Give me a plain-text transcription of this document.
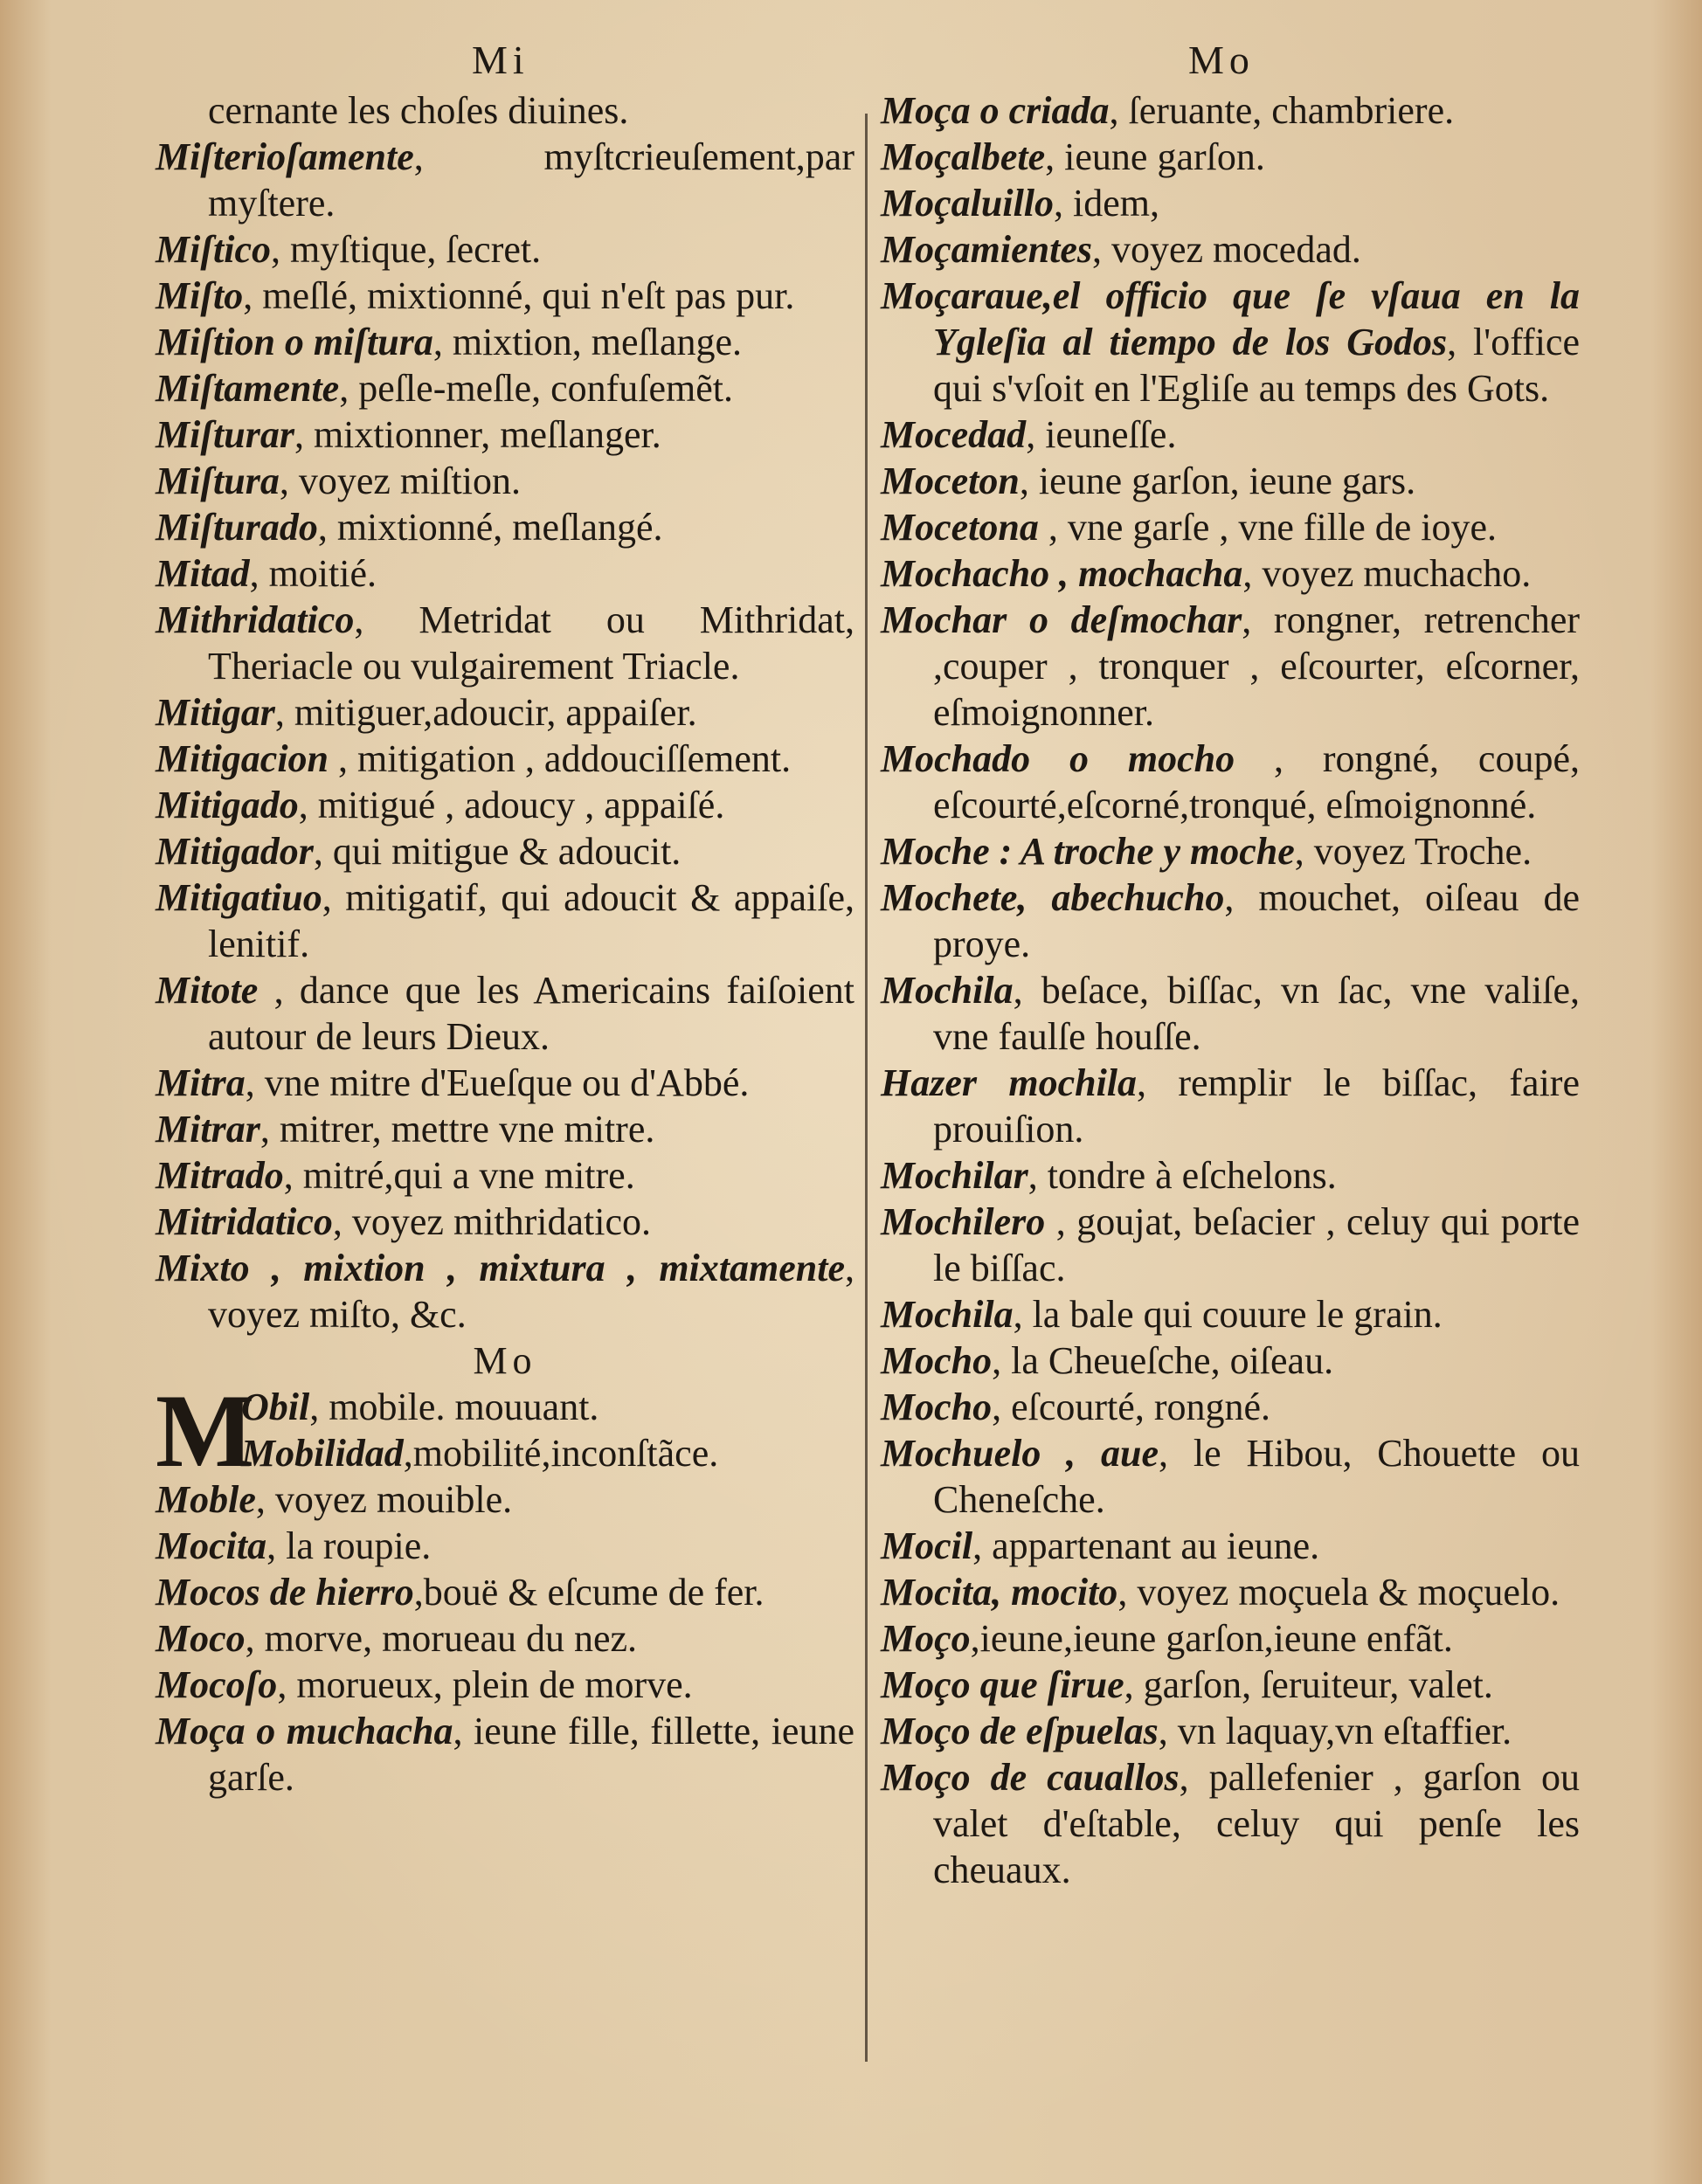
Mi	Mo
cernante les choſes diuines.
Miſterioſamente, myſtcrieuſement,par myſtere.
Miſtico, myſtique, ſecret.
Miſto, meſlé, mixtionné, qui n'eſt pas pur.
Miſtion o miſtura, mixtion, meſlange.
Miſtamente, peſle-meſle, confuſemẽt.
Miſturar, mixtionner, meſlanger.
Miſtura, voyez miſtion.
Miſturado, mixtionné, meſlangé.
Mitad, moitié.
Mithridatico, Metridat ou Mithridat, Theriacle ou vulgairement Triacle.
Mitigar, mitiguer,adoucir, appaiſer.
Mitigacion , mitigation , addouciſſement.
Mitigado, mitigué , adoucy , appaiſé.
Mitigador, qui mitigue & adoucit.
Mitigatiuo, mitigatif, qui adoucit & appaiſe, lenitif.
Mitote , dance que les Americains faiſoient autour de leurs Dieux.
Mitra, vne mitre d'Eueſque ou d'Abbé.
Mitrar, mitrer, mettre vne mitre.
Mitrado, mitré,qui a vne mitre.
Mitridatico, voyez mithridatico.
Mixto , mixtion , mixtura , mixtamente, voyez miſto, &c.
Mo
M
Obil, mobile. mouuant.
Mobilidad,mobilité,inconſtãce.
Moble, voyez mouible.
Mocita, la roupie.
Mocos de hierro,bouë & eſcume de fer.
Moco, morve, morueau du nez.
Mocoſo, morueux, plein de morve.
Moça o muchacha, ieune fille, fillette, ieune garſe.
Moça o criada, ſeruante, chambriere.
Moçalbete, ieune garſon.
Moçaluillo, idem,
Moçamientes, voyez mocedad.
Moçaraue,el officio que ſe vſaua en la Ygleſia al tiempo de los Godos, l'office qui s'vſoit en l'Egliſe au temps des Gots.
Mocedad, ieuneſſe.
Moceton, ieune garſon, ieune gars.
Mocetona , vne garſe , vne fille de ioye.
Mochacho , mochacha, voyez muchacho.
Mochar o deſmochar, rongner, retrencher ,couper , tronquer , eſcourter, eſcorner, eſmoignonner.
Mochado o mocho , rongné, coupé, eſcourté,eſcorné,tronqué, eſmoignonné.
Moche : A troche y moche, voyez Troche.
Mochete, abechucho, mouchet, oiſeau de proye.
Mochila, beſace, biſſac, vn ſac, vne valiſe, vne faulſe houſſe.
Hazer mochila, remplir le biſſac, faire prouiſion.
Mochilar, tondre à eſchelons.
Mochilero , goujat, beſacier , celuy qui porte le biſſac.
Mochila, la bale qui couure le grain.
Mocho, la Cheueſche, oiſeau.
Mocho, eſcourté, rongné.
Mochuelo , aue, le Hibou, Chouette ou Cheneſche.
Mocil, appartenant au ieune.
Mocita, mocito, voyez moçuela & moçuelo.
Moço,ieune,ieune garſon,ieune enfãt.
Moço que ſirue, garſon, ſeruiteur, valet.
Moço de eſpuelas, vn laquay,vn eſtaffier.
Moço de cauallos, pallefenier , garſon ou valet d'eſtable, celuy qui penſe les cheuaux.
